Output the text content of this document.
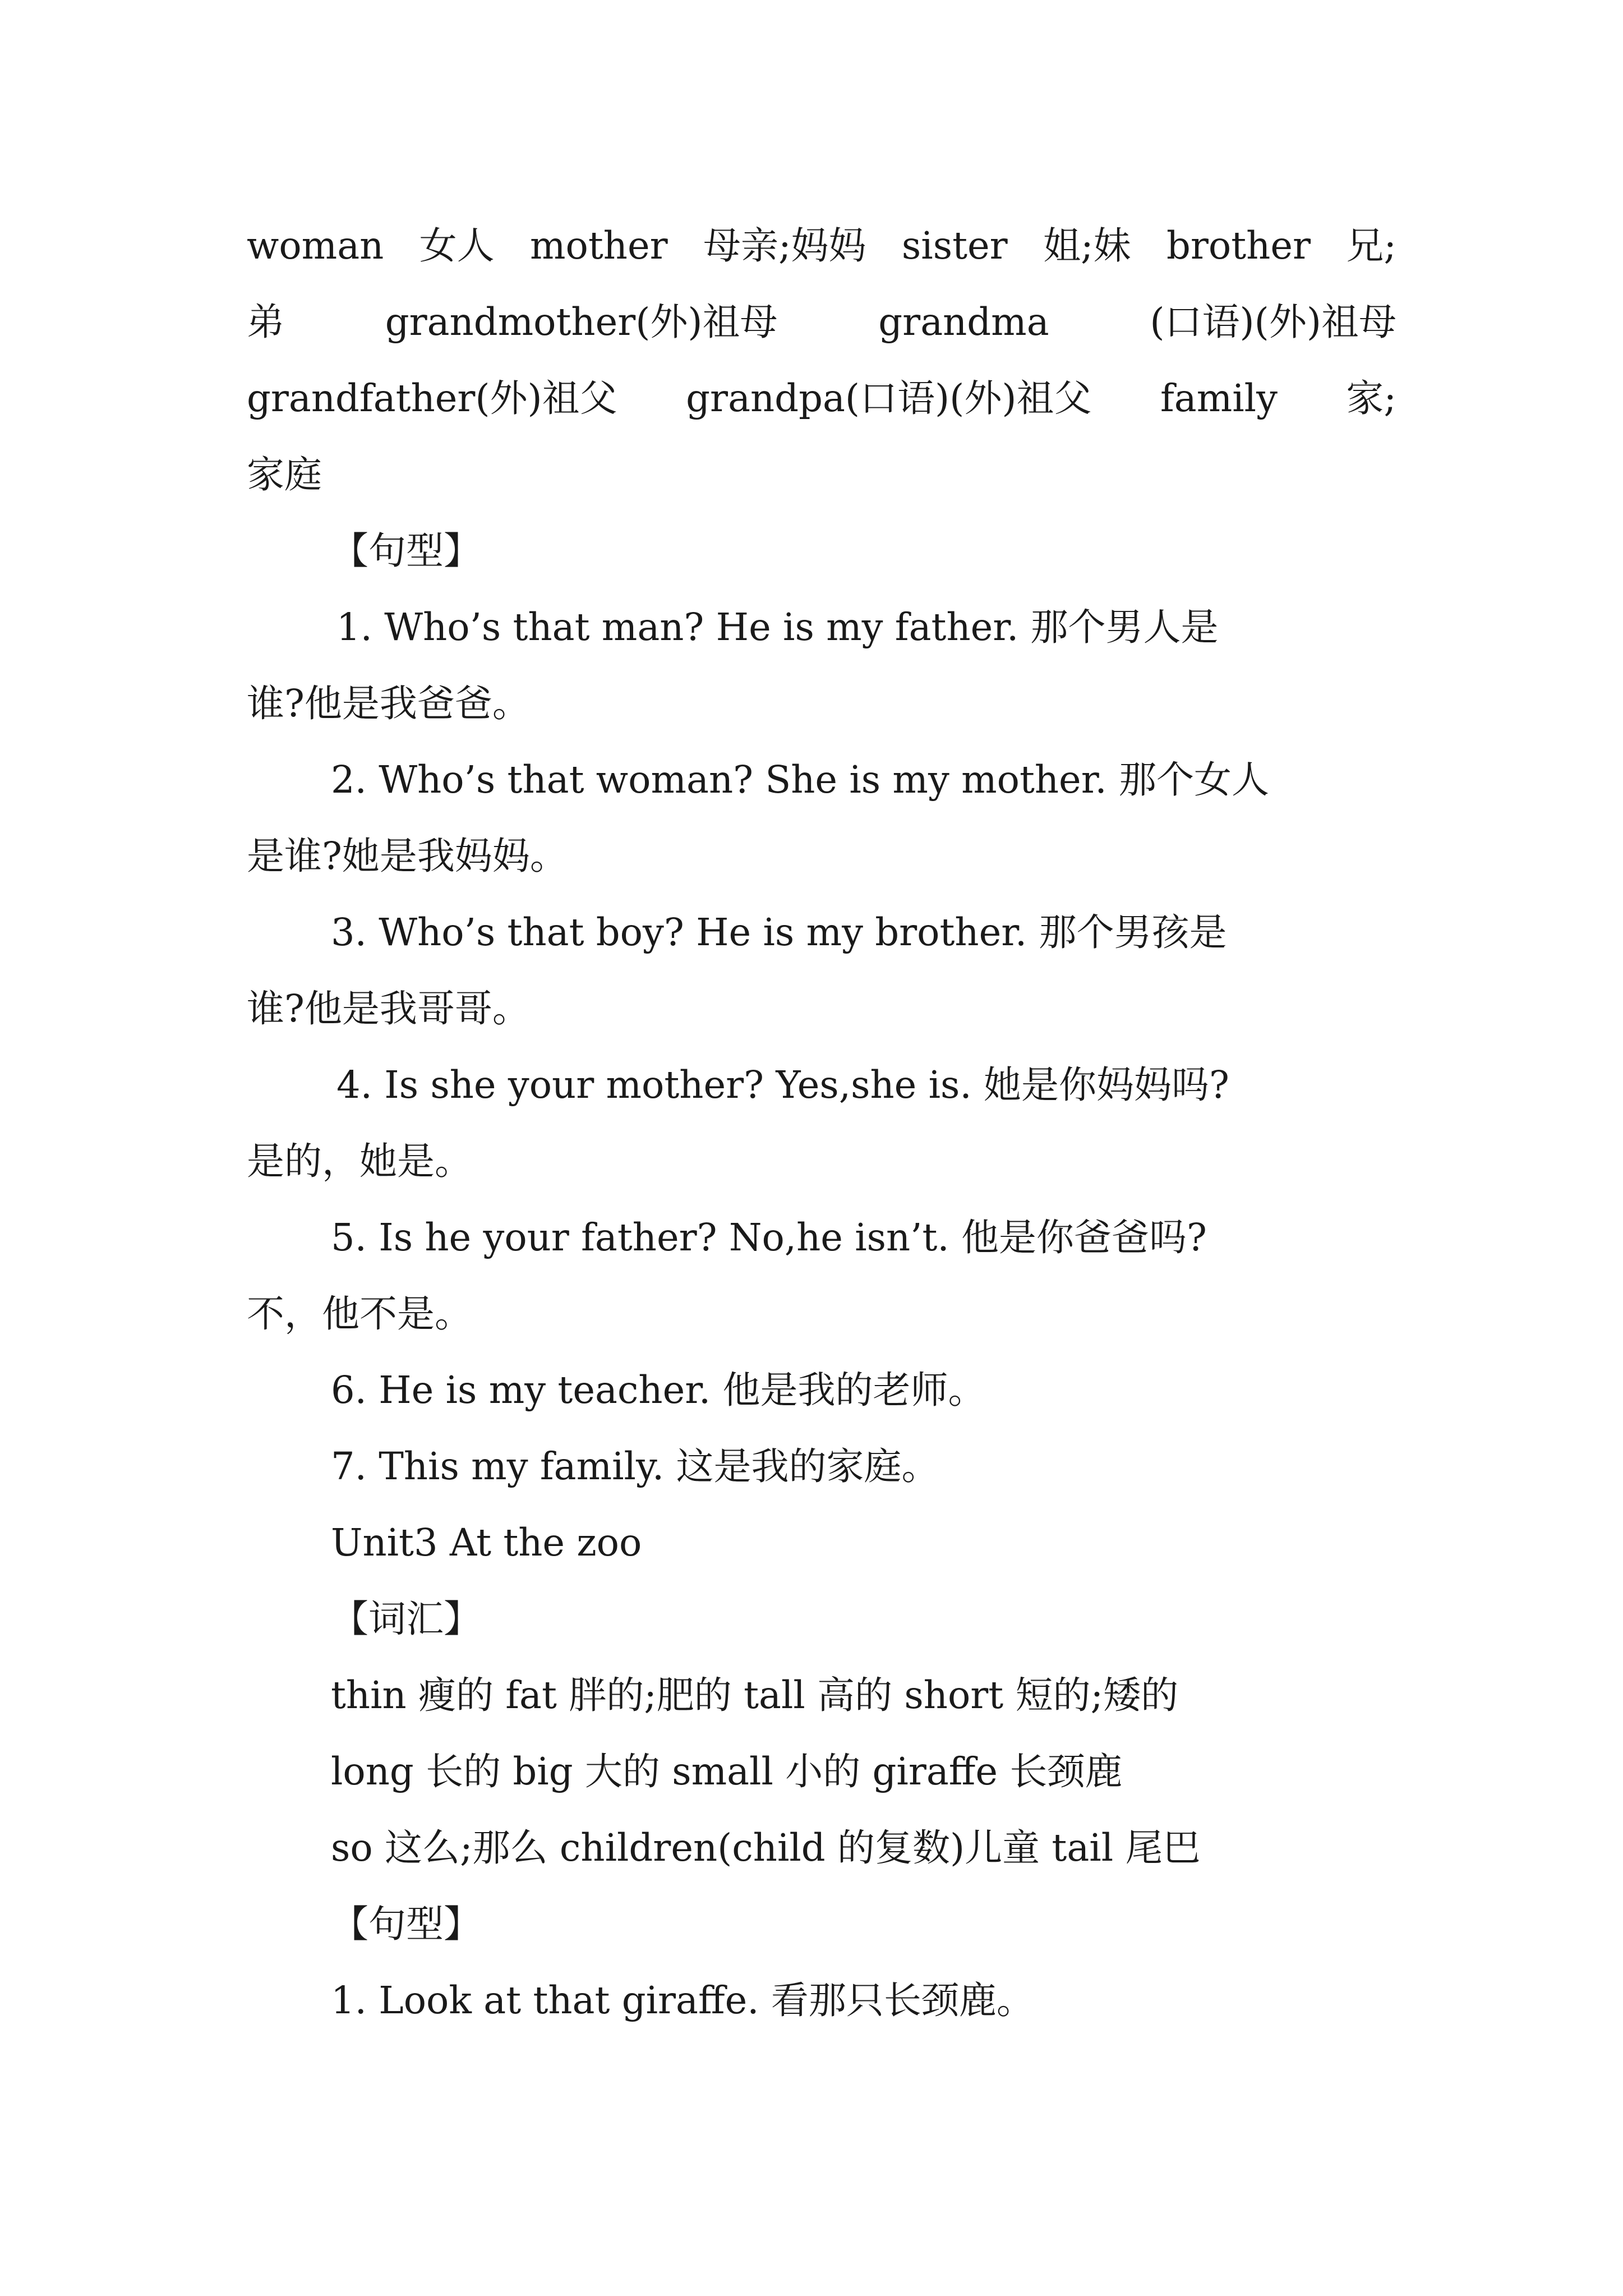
woman 女人 mother 母亲;妈妈 sister 姐;妹 brother 兄;
弟	grandmother(外)祖母	grandma	(口语)(外)祖母
grandfather(外)祖父 grandpa(口语)(外)祖父 family 家;
家庭
【句型】
1. Who’s that man? He is my father. 那个男人是
谁?他是我爸爸。
2. Who’s that woman? She is my mother. 那个女人
是谁?她是我妈妈。
3. Who’s that boy? He is my brother. 那个男孩是
谁?他是我哥哥。
4. Is she your mother? Yes,she is. 她是你妈妈吗?
是的，她是。
5. Is he your father? No,he isn’t. 他是你爸爸吗?
不，他不是。
6. He is my teacher. 他是我的老师。
7. This my family. 这是我的家庭。
Unit3 At the zoo
【词汇】
thin 瘦的 fat 胖的;肥的 tall 高的 short 短的;矮的
long 长的 big 大的 small 小的 giraffe 长颈鹿
so 这么;那么 children(child 的复数)儿童 tail 尾巴
【句型】
1. Look at that giraffe. 看那只长颈鹿。
